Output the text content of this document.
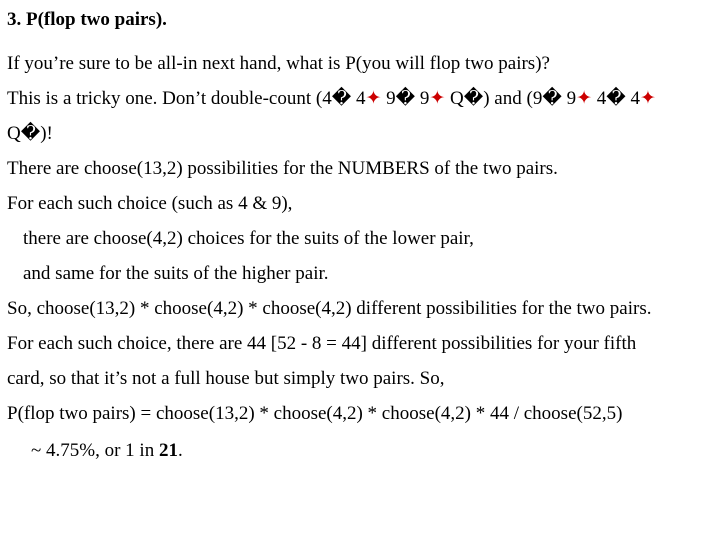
3. P(flop two pairs).
If you’re sure to be all-in next hand, what is P(you will flop two pairs)?
This is a tricky one. Don’t double-count (4� 4✦ 9� 9✦ Q�) and (9� 9✦ 4� 4✦
Q�)!
There are choose(13,2) possibilities for the NUMBERS of the two pairs.
For each such choice (such as 4 & 9),
there are choose(4,2) choices for the suits of the lower pair,
and same for the suits of the higher pair.
So, choose(13,2) * choose(4,2) * choose(4,2) different possibilities for the two pairs.
For each such choice, there are 44 [52 - 8 = 44] different possibilities for your fifth
card, so that it’s not a full house but simply two pairs. So,
P(flop two pairs) = choose(13,2) * choose(4,2) * choose(4,2) * 44 / choose(52,5)
~ 4.75%, or 1 in 21.
